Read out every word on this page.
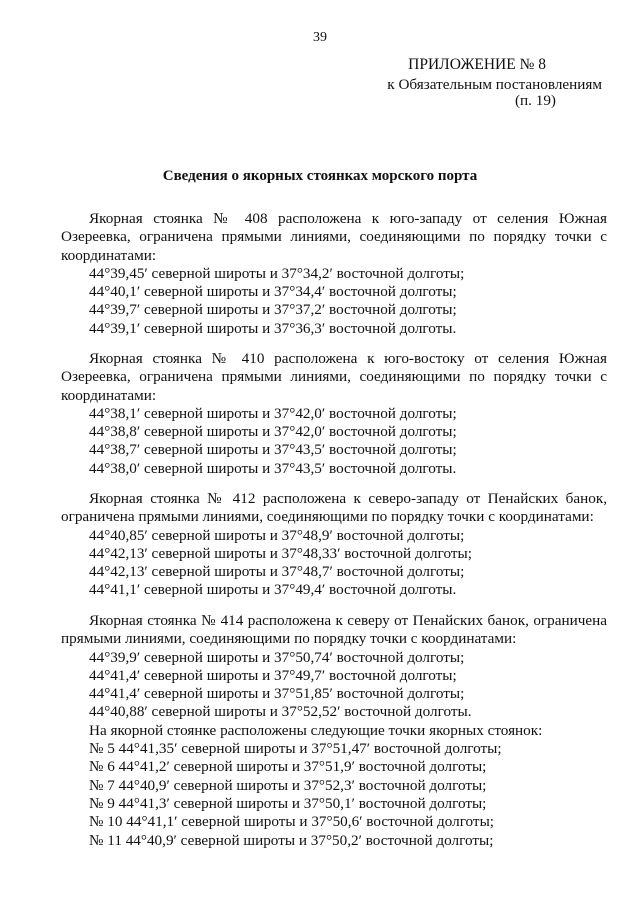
39
ПРИЛОЖЕНИЕ № 8
к Обязательным постановлениям
(п. 19)
Сведения о якорных стоянках морского порта

Якорная стоянка № 408 расположена к юго-западу от селения Южная Озереевка, ограничена прямыми линиями, соединяющими по порядку точки с координатами:

44°39,45′ северной широты и 37°34,2′ восточной долготы;

44°40,1′ северной широты и 37°34,4′ восточной долготы;

44°39,7′ северной широты и 37°37,2′ восточной долготы;

44°39,1′ северной широты и 37°36,3′ восточной долготы.

Якорная стоянка № 410 расположена к юго-востоку от селения Южная Озереевка, ограничена прямыми линиями, соединяющими по порядку точки с координатами:

44°38,1′ северной широты и 37°42,0′ восточной долготы;

44°38,8′ северной широты и 37°42,0′ восточной долготы;

44°38,7′ северной широты и 37°43,5′ восточной долготы;

44°38,0′ северной широты и 37°43,5′ восточной долготы.

Якорная стоянка № 412 расположена к северо-западу от Пенайских банок, ограничена прямыми линиями, соединяющими по порядку точки с координатами:

44°40,85′ северной широты и 37°48,9′ восточной долготы;

44°42,13′ северной широты и 37°48,33′ восточной долготы;

44°42,13′ северной широты и 37°48,7′ восточной долготы;

44°41,1′ северной широты и 37°49,4′ восточной долготы.

Якорная стоянка № 414 расположена к северу от Пенайских банок, ограничена прямыми линиями, соединяющими по порядку точки с координатами:

44°39,9′ северной широты и 37°50,74′ восточной долготы;

44°41,4′ северной широты и 37°49,7′ восточной долготы;

44°41,4′ северной широты и 37°51,85′ восточной долготы;

44°40,88′ северной широты и 37°52,52′ восточной долготы.

На якорной стоянке расположены следующие точки якорных стоянок:

№ 5 44°41,35′ северной широты и 37°51,47′ восточной долготы;

№ 6 44°41,2′ северной широты и 37°51,9′ восточной долготы;

№ 7 44°40,9′ северной широты и 37°52,3′ восточной долготы;

№ 9 44°41,3′ северной широты и 37°50,1′ восточной долготы;

№ 10 44°41,1′ северной широты и 37°50,6′ восточной долготы;

№ 11 44°40,9′ северной широты и 37°50,2′ восточной долготы;
